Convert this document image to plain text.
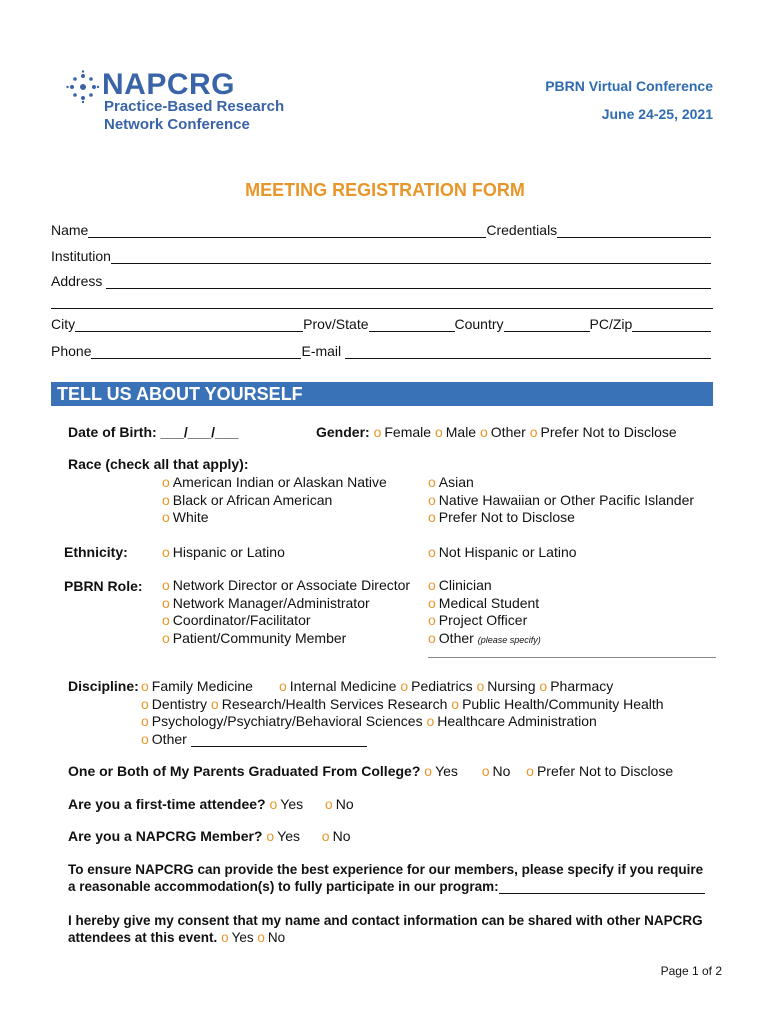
NAPCRG
Practice-Based Research
Network Conference
PBRN Virtual Conference
June 24-25, 2021
MEETING REGISTRATION FORM
Name	Credentials
Institution
Address
City	Prov/State	Country	PC/Zip
Phone	E-mail
TELL US ABOUT YOURSELF
Date of Birth: ___/___/___	Gender: o Female o Male o Other o Prefer Not to Disclose
Race (check all that apply):
o American Indian or Alaskan Native
o Black or African American
o White
o Asian
o Native Hawaiian or Other Pacific Islander
o Prefer Not to Disclose
Ethnicity: o Hispanic or Latino	o Not Hispanic or Latino
PBRN Role: o Network Director or Associate Director
o Network Manager/Administrator
o Coordinator/Facilitator
o Patient/Community Member
o Clinician
o Medical Student
o Project Officer
o Other (please specify)
Discipline: o Family Medicine o Internal Medicine o Pediatrics o Nursing o Pharmacy
o Dentistry o Research/Health Services Research o Public Health/Community Health
o Psychology/Psychiatry/Behavioral Sciences o Healthcare Administration
o Other
One or Both of My Parents Graduated From College? o Yes o No o Prefer Not to Disclose
Are you a first-time attendee? o Yes o No
Are you a NAPCRG Member? o Yes o No
To ensure NAPCRG can provide the best experience for our members, please specify if you require
a reasonable accommodation(s) to fully participate in our program:
I hereby give my consent that my name and contact information can be shared with other NAPCRG
attendees at this event. o Yes o No
Page 1 of 2
